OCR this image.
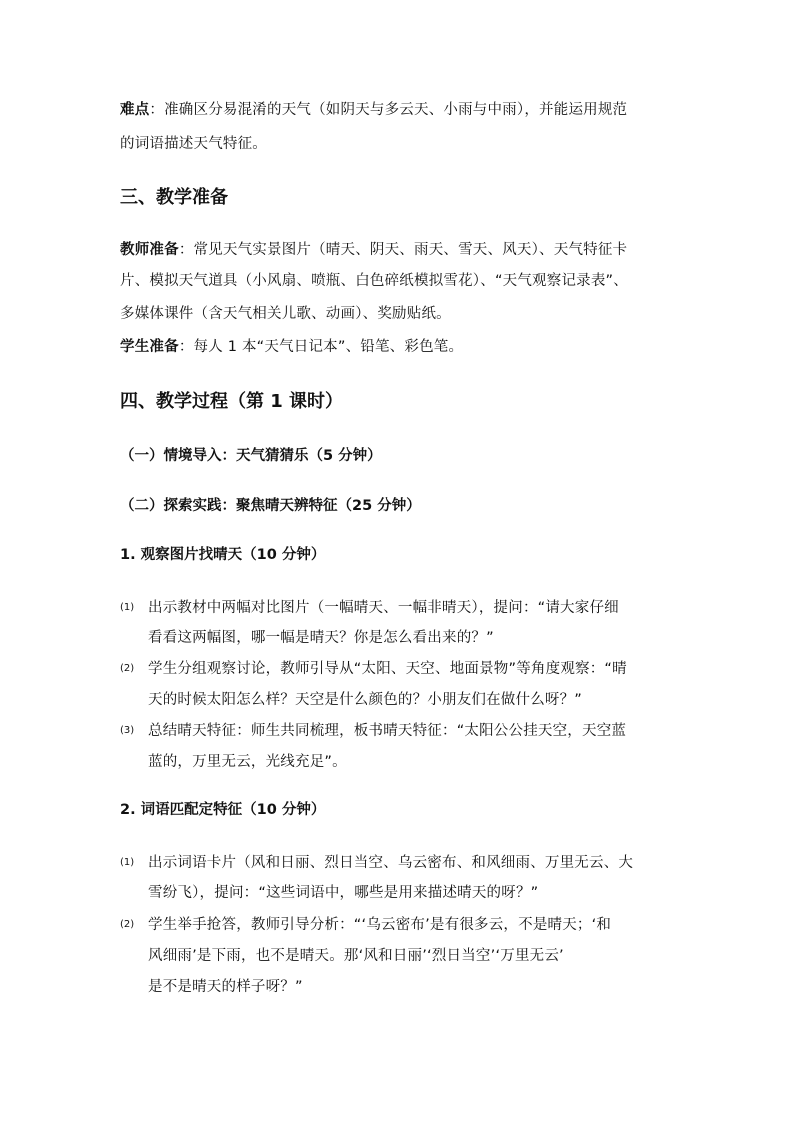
难点：准确区分易混淆的天气（如阴天与多云天、小雨与中雨），并能运用规范
的词语描述天气特征。
三、教学准备
教师准备：常见天气实景图片（晴天、阴天、雨天、雪天、风天）、天气特征卡
片、模拟天气道具（小风扇、喷瓶、白色碎纸模拟雪花）、“天气观察记录表”、
多媒体课件（含天气相关儿歌、动画）、奖励贴纸。
学生准备：每人 1 本“天气日记本”、铅笔、彩色笔。
四、教学过程（第 1 课时）
（一）情境导入：天气猜猜乐（5 分钟）
（二）探索实践：聚焦晴天辨特征（25 分钟）
1. 观察图片找晴天（10 分钟）
(1) 出示教材中两幅对比图片（一幅晴天、一幅非晴天），提问：“请大家仔细
看看这两幅图，哪一幅是晴天？你是怎么看出来的？”
(2) 学生分组观察讨论，教师引导从“太阳、天空、地面景物”等角度观察：“晴
天的时候太阳怎么样？天空是什么颜色的？小朋友们在做什么呀？”
(3) 总结晴天特征：师生共同梳理，板书晴天特征：“太阳公公挂天空，天空蓝
蓝的，万里无云，光线充足”。
2. 词语匹配定特征（10 分钟）
(1) 出示词语卡片（风和日丽、烈日当空、乌云密布、和风细雨、万里无云、大
雪纷飞），提问：“这些词语中，哪些是用来描述晴天的呀？”
(2) 学生举手抢答，教师引导分析：“‘乌云密布’是有很多云，不是晴天；‘和
风细雨’是下雨，也不是晴天。那‘风和日丽’‘烈日当空’‘万里无云’
是不是晴天的样子呀？”
